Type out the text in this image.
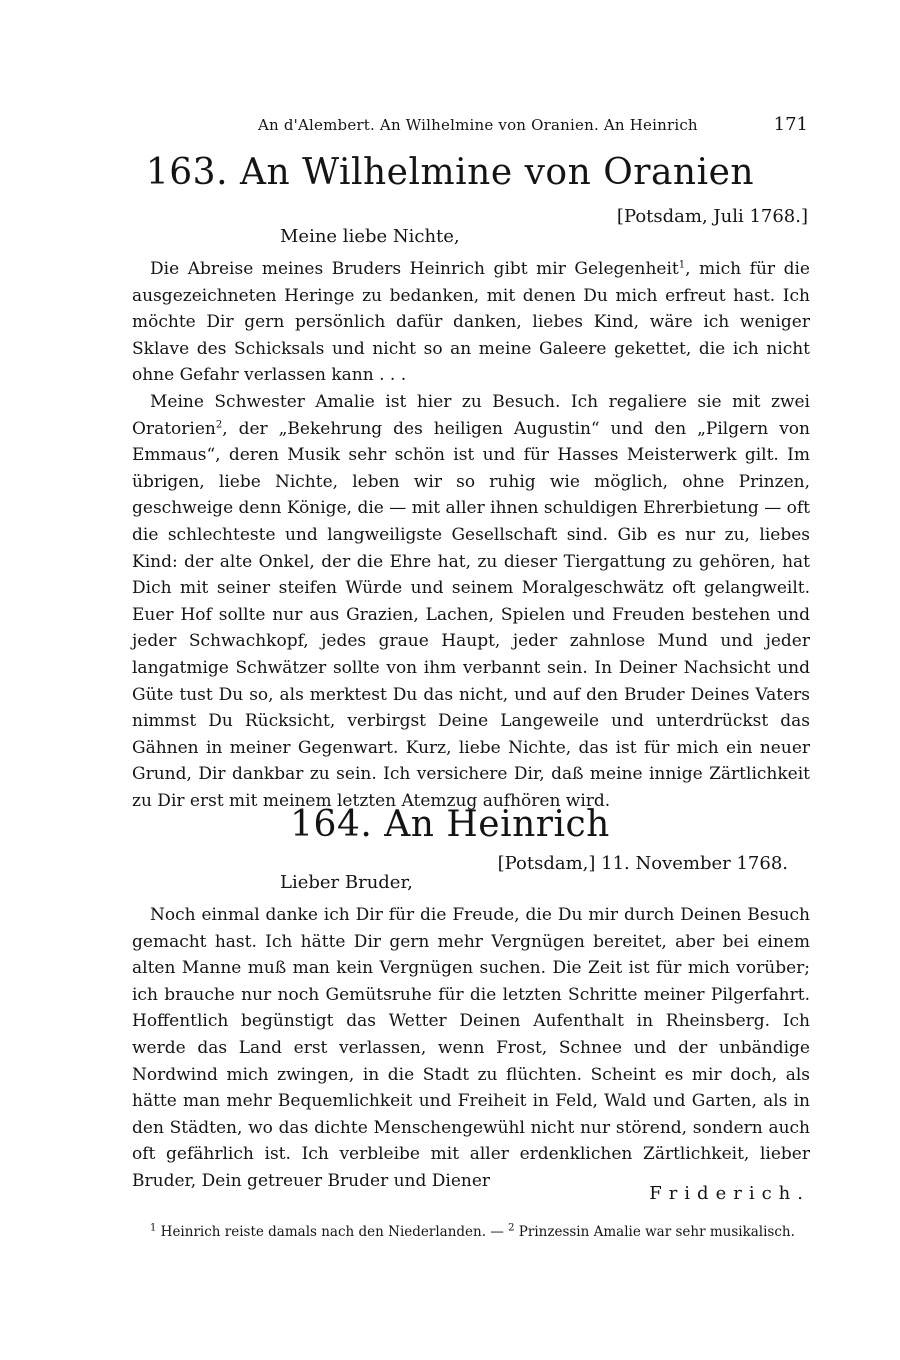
An d'Alembert. An Wilhelmine von Oranien. An Heinrich	171
163. An Wilhelmine von Oranien
[Potsdam, Juli 1768.]
Meine liebe Nichte,

Die Abreise meines Bruders Heinrich gibt mir Gelegenheit$^1$, mich für die ausgezeichneten Heringe zu bedanken, mit denen Du mich erfreut hast. Ich möchte Dir gern persönlich dafür danken, liebes Kind, wäre ich weniger Sklave des Schicksals und nicht so an meine Galeere gekettet, die ich nicht ohne Gefahr verlassen kann . . .

Meine Schwester Amalie ist hier zu Besuch. Ich regaliere sie mit zwei Oratorien$^2$, der „Bekehrung des heiligen Augustin“ und den „Pilgern von Emmaus“, deren Musik sehr schön ist und für Hasses Meisterwerk gilt. Im übrigen, liebe Nichte, leben wir so ruhig wie möglich, ohne Prinzen, geschweige denn Könige, die — mit aller ihnen schuldigen Ehrerbietung — oft die schlechteste und langweiligste Gesellschaft sind. Gib es nur zu, liebes Kind: der alte Onkel, der die Ehre hat, zu dieser Tiergattung zu gehören, hat Dich mit seiner steifen Würde und seinem Moralgeschwätz oft gelangweilt. Euer Hof sollte nur aus Grazien, Lachen, Spielen und Freuden bestehen und jeder Schwachkopf, jedes graue Haupt, jeder zahnlose Mund und jeder langatmige Schwätzer sollte von ihm verbannt sein. In Deiner Nachsicht und Güte tust Du so, als merktest Du das nicht, und auf den Bruder Deines Vaters nimmst Du Rücksicht, verbirgst Deine Langeweile und unterdrückst das Gähnen in meiner Gegenwart. Kurz, liebe Nichte, das ist für mich ein neuer Grund, Dir dankbar zu sein. Ich versichere Dir, daß meine innige Zärtlichkeit zu Dir erst mit meinem letzten Atemzug aufhören wird.

164. An Heinrich
[Potsdam,] 11. November 1768.
Lieber Bruder,

Noch einmal danke ich Dir für die Freude, die Du mir durch Deinen Besuch gemacht hast. Ich hätte Dir gern mehr Vergnügen bereitet, aber bei einem alten Manne muß man kein Vergnügen suchen. Die Zeit ist für mich vorüber; ich brauche nur noch Gemütsruhe für die letzten Schritte meiner Pilgerfahrt. Hoffentlich begünstigt das Wetter Deinen Aufenthalt in Rheinsberg. Ich werde das Land erst verlassen, wenn Frost, Schnee und der unbändige Nordwind mich zwingen, in die Stadt zu flüchten. Scheint es mir doch, als hätte man mehr Bequemlichkeit und Freiheit in Feld, Wald und Garten, als in den Städten, wo das dichte Menschengewühl nicht nur störend, sondern auch oft gefährlich ist. Ich verbleibe mit aller erdenklichen Zärtlichkeit, lieber Bruder, Dein getreuer Bruder und Diener

Friderich.
$^1$ Heinrich reiste damals nach den Niederlanden. — $^2$ Prinzessin Amalie war sehr musikalisch.
